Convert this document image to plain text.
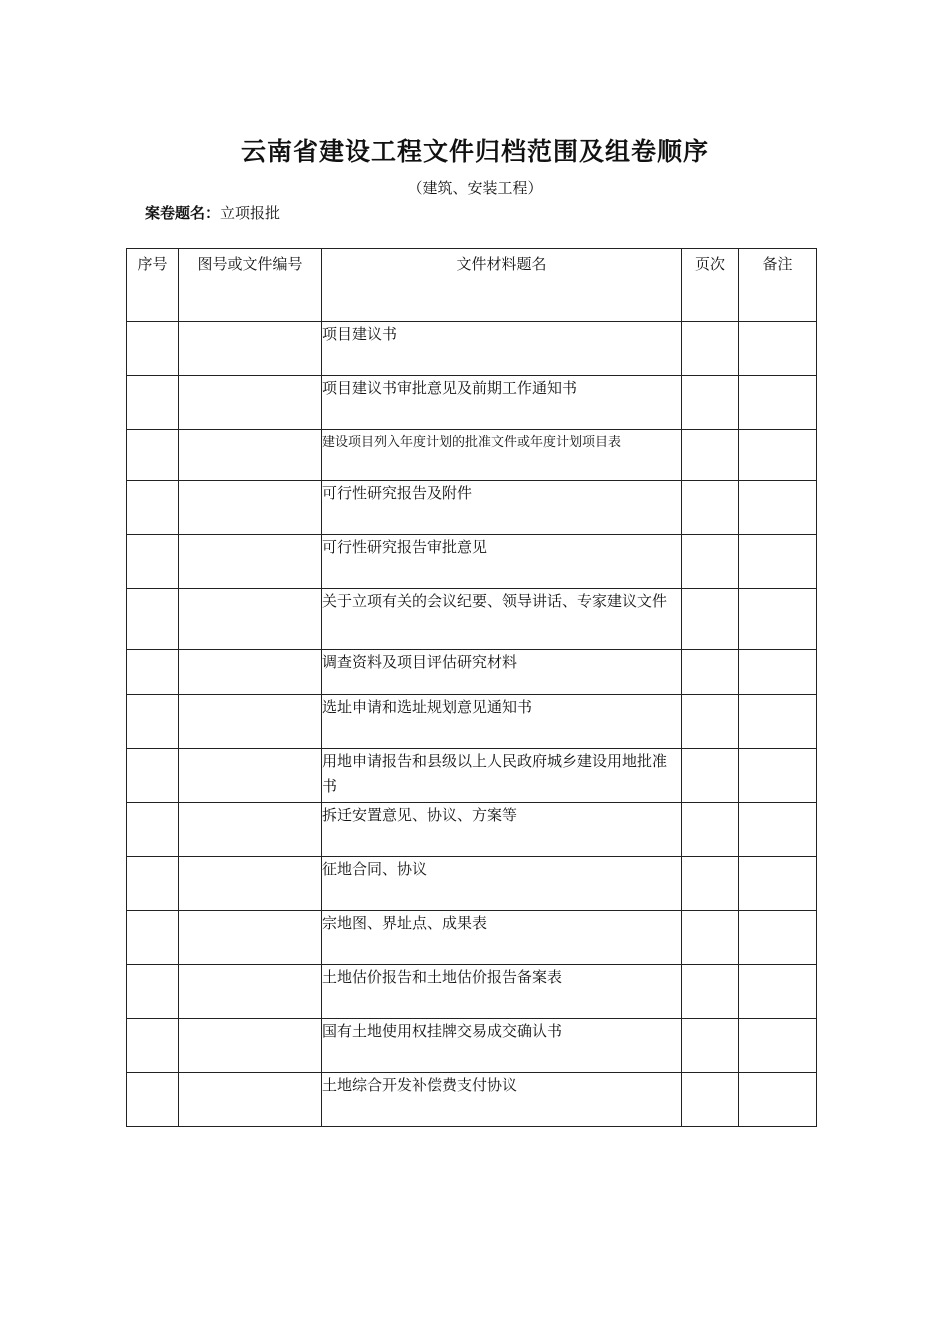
云南省建设工程文件归档范围及组卷顺序
（建筑、安装工程）
案卷题名：立项报批
序号	图号或文件编号	文件材料题名	页次	备注
		项目建议书		
		项目建议书审批意见及前期工作通知书		
		建设项目列入年度计划的批准文件或年度计划项目表		
		可行性研究报告及附件		
		可行性研究报告审批意见		
		关于立项有关的会议纪要、领导讲话、专家建议文件		
		调查资料及项目评估研究材料		
		选址申请和选址规划意见通知书		
		用地申请报告和县级以上人民政府城乡建设用地批准书		
		拆迁安置意见、协议、方案等		
		征地合同、协议		
		宗地图、界址点、成果表		
		土地估价报告和土地估价报告备案表		
		国有土地使用权挂牌交易成交确认书		
		土地综合开发补偿费支付协议		
